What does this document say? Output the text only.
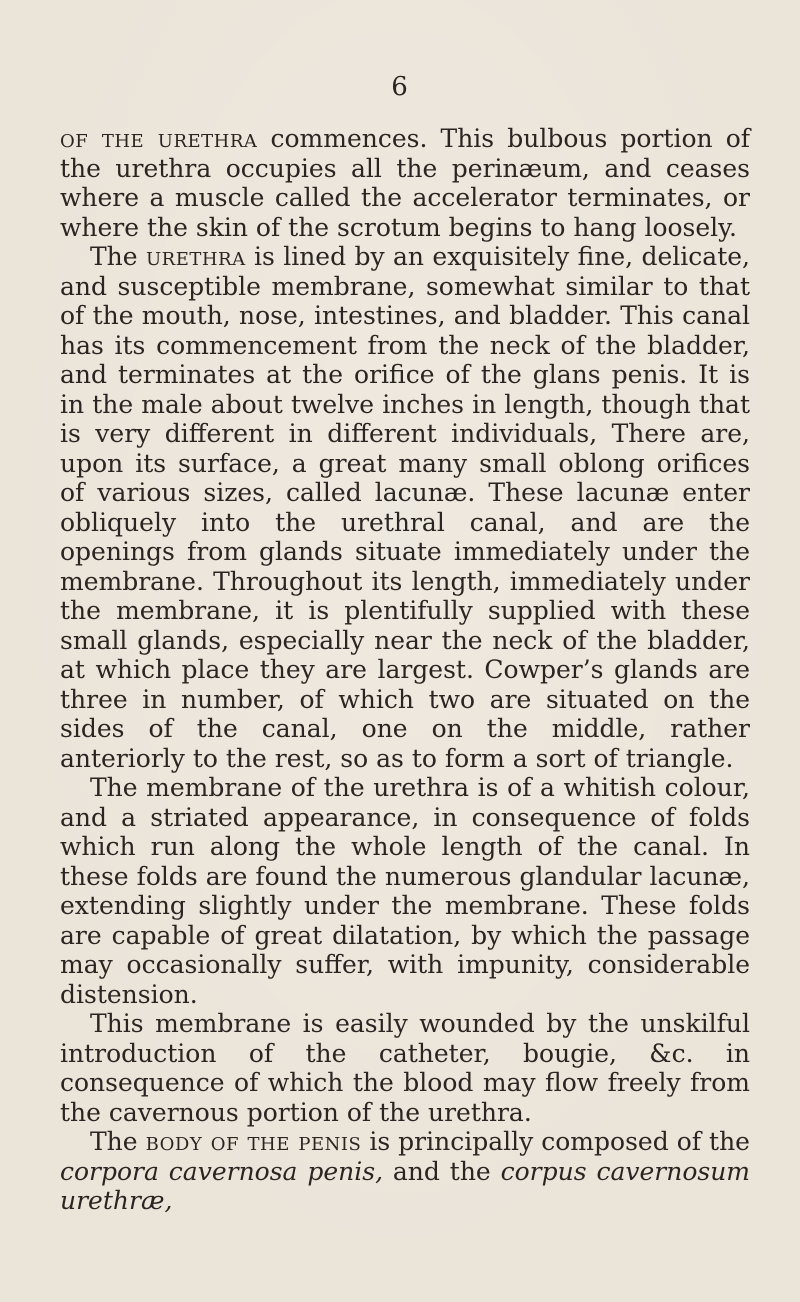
6

of the urethra commences. This bulbous portion of the urethra occupies all the perinæum, and ceases where a muscle called the accelerator terminates, or where the skin of the scrotum begins to hang loosely.

The urethra is lined by an exquisitely fine, delicate, and susceptible membrane, somewhat similar to that of the mouth, nose, intestines, and bladder. This canal has its commencement from the neck of the bladder, and terminates at the orifice of the glans penis. It is in the male about twelve inches in length, though that is very different in different individuals, There are, upon its surface, a great many small oblong orifices of various sizes, called lacunæ. These lacunæ enter obliquely into the urethral canal, and are the openings from glands situate immediately under the membrane. Throughout its length, immediately under the membrane, it is plentifully supplied with these small glands, especially near the neck of the bladder, at which place they are largest. Cowper’s glands are three in number, of which two are situated on the sides of the canal, one on the middle, rather anteriorly to the rest, so as to form a sort of triangle.

The membrane of the urethra is of a whitish colour, and a striated appearance, in consequence of folds which run along the whole length of the canal. In these folds are found the numerous glandular lacunæ, extending slightly under the membrane. These folds are capable of great dilatation, by which the passage may occasionally suffer, with impunity, considerable distension.

This membrane is easily wounded by the unskilful introduction of the catheter, bougie, &c. in consequence of which the blood may flow freely from the cavernous portion of the urethra.

The body of the penis is principally composed of the corpora cavernosa penis, and the corpus cavernosum urethræ,
